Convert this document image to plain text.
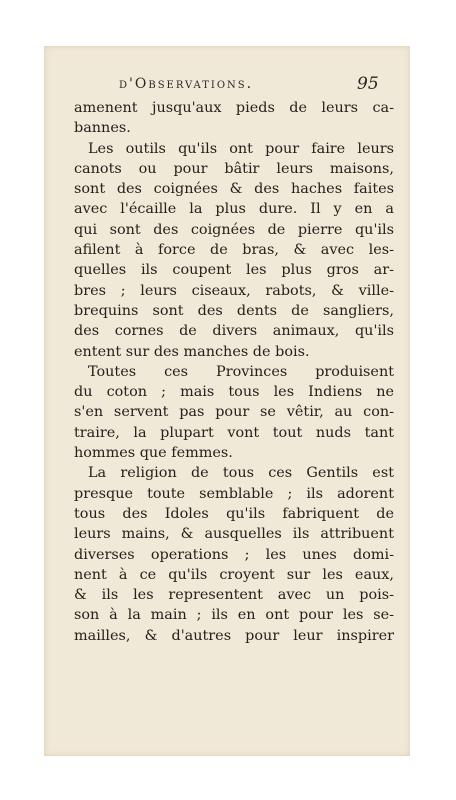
d'Observations.	95
amenent jusqu'aux pieds de leurs ca-
bannes.
Les outils qu'ils ont pour faire leurs
canots ou pour bâtir leurs maisons,
sont des coignées & des haches faites
avec l'écaille la plus dure. Il y en a
qui sont des coignées de pierre qu'ils
afilent à force de bras, & avec les-
quelles ils coupent les plus gros ar-
bres ; leurs ciseaux, rabots, & ville-
brequins sont des dents de sangliers,
des cornes de divers animaux, qu'ils
entent sur des manches de bois.
Toutes ces Provinces produisent
du coton ; mais tous les Indiens ne
s'en servent pas pour se vêtir, au con-
traire, la plupart vont tout nuds tant
hommes que femmes.
La religion de tous ces Gentils est
presque toute semblable ; ils adorent
tous des Idoles qu'ils fabriquent de
leurs mains, & ausquelles ils attribuent
diverses operations ; les unes domi-
nent à ce qu'ils croyent sur les eaux,
& ils les representent avec un pois-
son à la main ; ils en ont pour les se-
mailles, & d'autres pour leur inspirer
